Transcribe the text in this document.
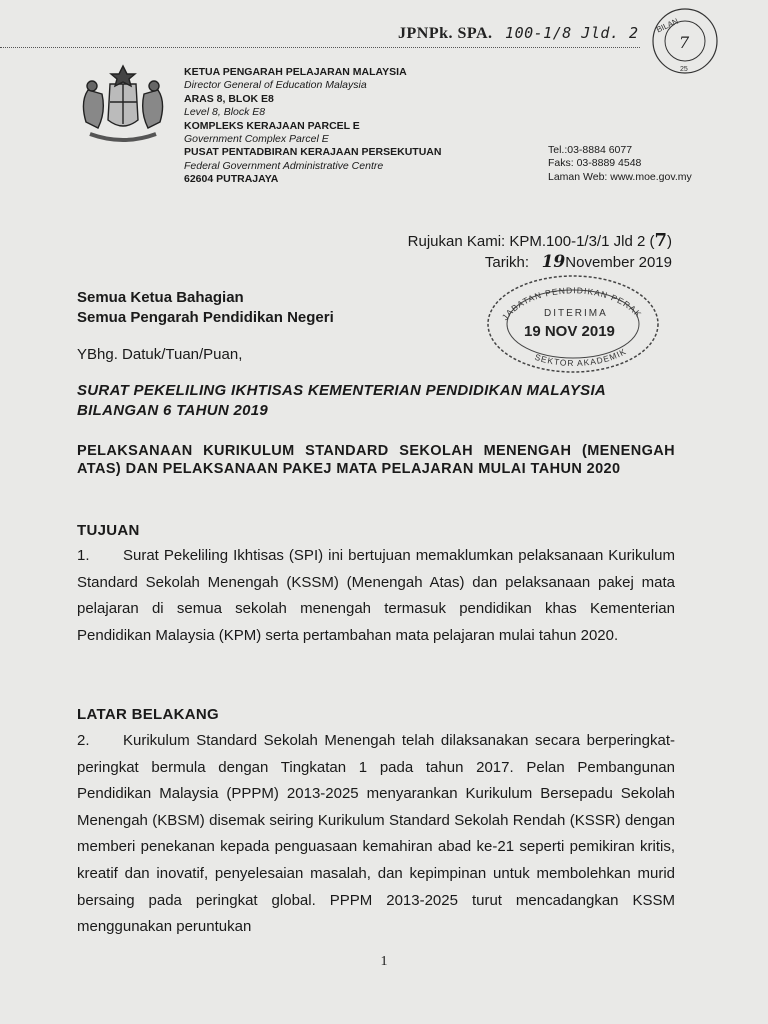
JPNPk. SPA. 100-1/8 Jld. 2 BILAN
7
25
KETUA PENGARAH PELAJARAN MALAYSIA
Director General of Education Malaysia
ARAS 8, BLOK E8
Level 8, Block E8
KOMPLEKS KERAJAAN PARCEL E
Government Complex Parcel E
PUSAT PENTADBIRAN KERAJAAN PERSEKUTUAN
Federal Government Administrative Centre
62604 PUTRAJAYA
Tel.:03-8884 6077
Faks: 03-8889 4548
Laman Web: www.moe.gov.my
Rujukan Kami: KPM.100-1/3/1 Jld 2 (7)
Tarikh: 19November 2019
JABATAN PENDIDIKAN PERAK
DITERIMA
19 NOV 2019
SEKTOR AKADEMIK
Semua Ketua Bahagian
Semua Pengarah Pendidikan Negeri
YBhg. Datuk/Tuan/Puan,
SURAT PEKELILING IKHTISAS KEMENTERIAN PENDIDIKAN MALAYSIA BILANGAN 6 TAHUN 2019
PELAKSANAAN KURIKULUM STANDARD SEKOLAH MENENGAH (MENENGAH ATAS) DAN PELAKSANAAN PAKEJ MATA PELAJARAN MULAI TAHUN 2020
TUJUAN
1. Surat Pekeliling Ikhtisas (SPI) ini bertujuan memaklumkan pelaksanaan Kurikulum Standard Sekolah Menengah (KSSM) (Menengah Atas) dan pelaksanaan pakej mata pelajaran di semua sekolah menengah termasuk pendidikan khas Kementerian Pendidikan Malaysia (KPM) serta pertambahan mata pelajaran mulai tahun 2020.
LATAR BELAKANG
2. Kurikulum Standard Sekolah Menengah telah dilaksanakan secara berperingkat-peringkat bermula dengan Tingkatan 1 pada tahun 2017. Pelan Pembangunan Pendidikan Malaysia (PPPM) 2013-2025 menyarankan Kurikulum Bersepadu Sekolah Menengah (KBSM) disemak seiring Kurikulum Standard Sekolah Rendah (KSSR) dengan memberi penekanan kepada penguasaan kemahiran abad ke-21 seperti pemikiran kritis, kreatif dan inovatif, penyelesaian masalah, dan kepimpinan untuk membolehkan murid bersaing pada peringkat global. PPPM 2013-2025 turut mencadangkan KSSM menggunakan peruntukan
1
